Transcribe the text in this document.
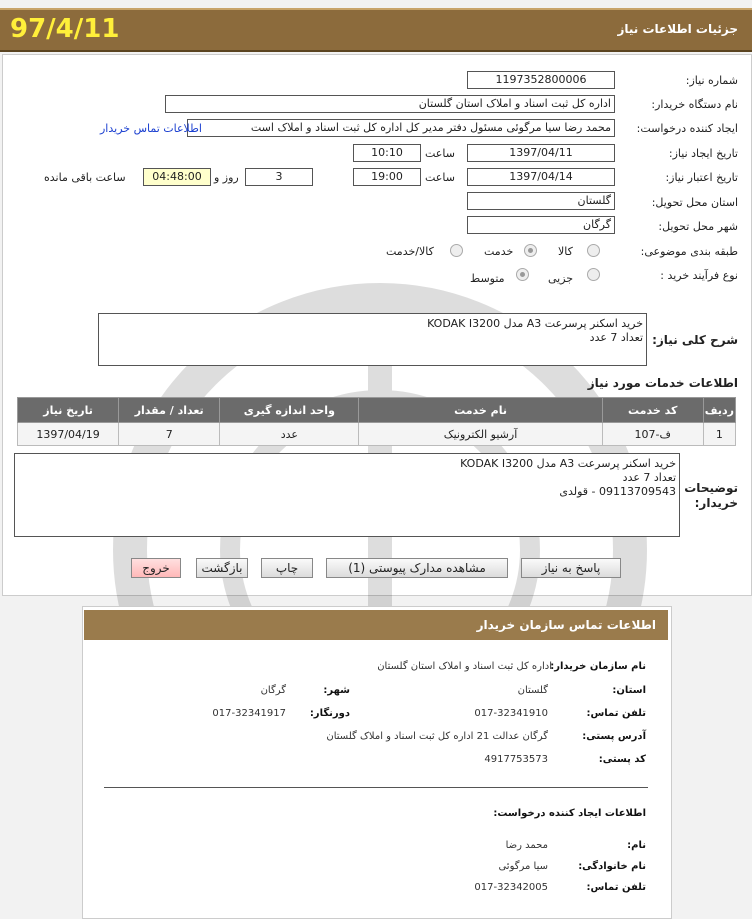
97/4/11	جزئیات اطلاعات نیاز
شماره نیاز:
1197352800006
نام دستگاه خریدار:
اداره کل ثبت اسناد و املاک استان گلستان
ایجاد کننده درخواست:
محمد رضا سیا مرگوئی مسئول دفتر مدیر کل اداره کل ثبت اسناد و املاک است
اطلاعات تماس خریدار
تاریخ ایجاد نیاز:
1397/04/11
ساعت
10:10
تاریخ اعتبار نیاز:
1397/04/14
ساعت
19:00
3
روز و
04:48:00
ساعت باقی مانده
استان محل تحویل:
گلستان
شهر محل تحویل:
گرگان
طبقه بندی موضوعی:
کالا
خدمت
کالا/خدمت
نوع فرآیند خرید :
جزیی
متوسط
خرید اسکنر پرسرعت A3 مدل KODAK I3200
تعداد 7 عدد شرح کلی نیاز:
اطلاعات خدمات مورد نیاز
ردیف	کد خدمت	نام خدمت	واحد اندازه گیری	تعداد / مقدار	تاریخ نیاز
1	ف-107	آرشیو الکترونیک	عدد	7	1397/04/19
خرید اسکنر پرسرعت A3 مدل KODAK I3200
تعداد 7 عدد
09113709543 - قولدی توضیحات خریدار:
پاسخ به نیاز
مشاهده مدارک پیوستی (1)
چاپ
بازگشت
خروج
اطلاعات تماس سازمان خریدار
نام سازمان خریدار:
اداره کل ثبت اسناد و املاک استان گلستان
استان:
گلستان
شهر:
گرگان
تلفن تماس:
017-32341910
دورنگار:
017-32341917
آدرس پستی:
گرگان عدالت 21 اداره کل ثبت اسناد و املاک گلستان
کد پستی:
4917753573
اطلاعات ایجاد کننده درخواست:
نام:
محمد رضا
نام خانوادگی:
سیا مرگوئی
تلفن تماس:
017-32342005
